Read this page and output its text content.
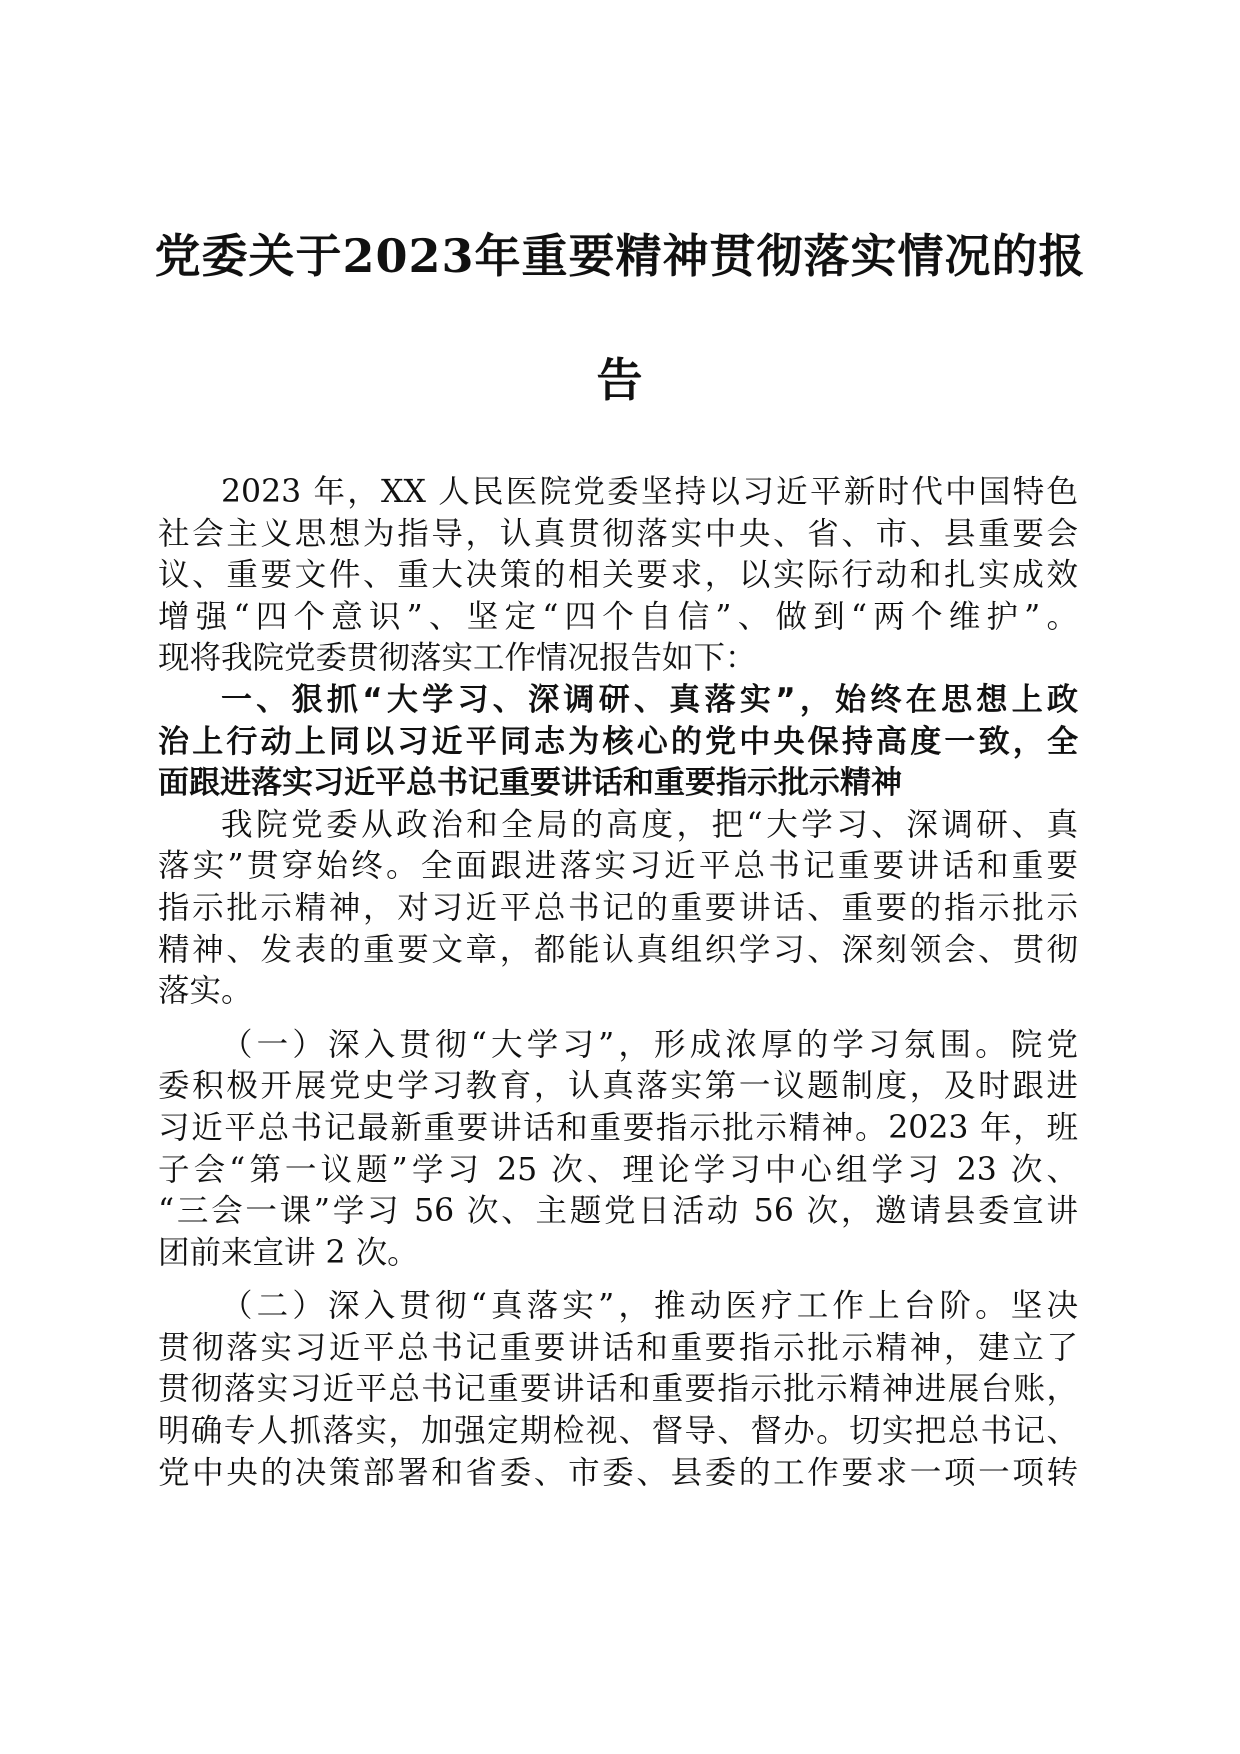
党委关于2023年重要精神贯彻落实情况的报
告

2023 年，XX 人民医院党委坚持以习近平新时代中国特色
社会主义思想为指导，认真贯彻落实中央、省、市、县重要会
议、重要文件、重大决策的相关要求，以实际行动和扎实成效
增强“四个意识”、坚定“四个自信”、做到“两个维护”。
现将我院党委贯彻落实工作情况报告如下：

一、狠抓“大学习、深调研、真落实”，始终在思想上政
治上行动上同以习近平同志为核心的党中央保持高度一致，全
面跟进落实习近平总书记重要讲话和重要指示批示精神

我院党委从政治和全局的高度，把“大学习、深调研、真
落实”贯穿始终。全面跟进落实习近平总书记重要讲话和重要
指示批示精神，对习近平总书记的重要讲话、重要的指示批示
精神、发表的重要文章，都能认真组织学习、深刻领会、贯彻
落实。

（一）深入贯彻“大学习”，形成浓厚的学习氛围。院党
委积极开展党史学习教育，认真落实第一议题制度，及时跟进
习近平总书记最新重要讲话和重要指示批示精神。2023 年，班
子会“第一议题”学习 25 次、理论学习中心组学习 23 次、
“三会一课”学习 56 次、主题党日活动 56 次，邀请县委宣讲
团前来宣讲 2 次。

（二）深入贯彻“真落实”，推动医疗工作上台阶。坚决
贯彻落实习近平总书记重要讲话和重要指示批示精神，建立了
贯彻落实习近平总书记重要讲话和重要指示批示精神进展台账，
明确专人抓落实，加强定期检视、督导、督办。切实把总书记、
党中央的决策部署和省委、市委、县委的工作要求一项一项转
